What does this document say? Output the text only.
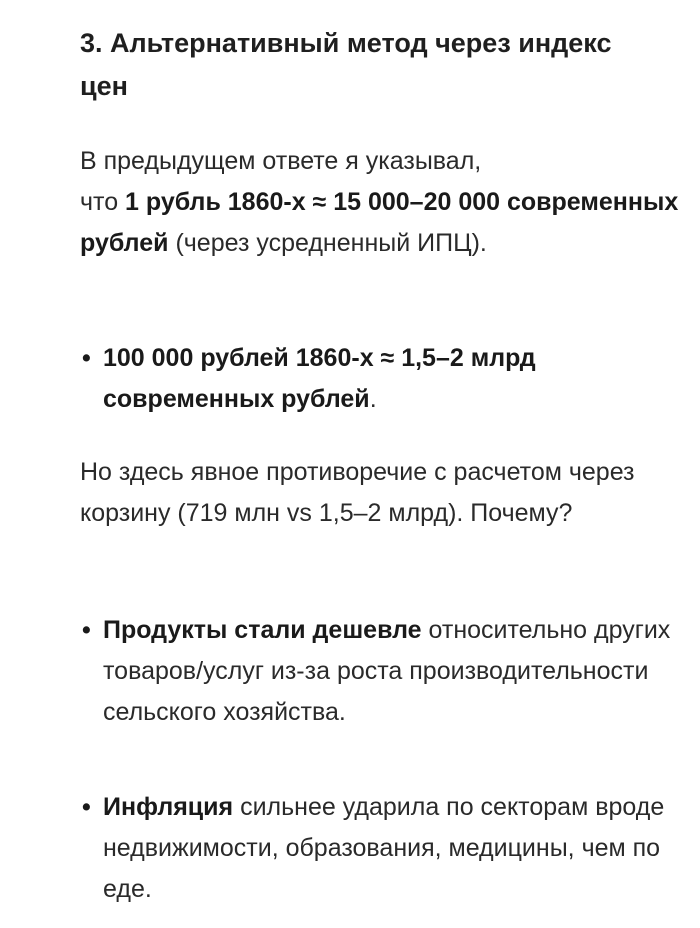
3. Альтернативный метод через индекс цен

В предыдущем ответе я указывал,
что 1 рубль 1860-х ≈ 15 000–20 000 современных рублей (через усредненный ИПЦ).

• 100 000 рублей 1860-х ≈ 1,5–2 млрд современных рублей.

Но здесь явное противоречие с расчетом через корзину (719 млн vs 1,5–2 млрд). Почему?

• Продукты стали дешевле относительно других товаров/услуг из-за роста производительности сельского хозяйства.

• Инфляция сильнее ударила по секторам вроде недвижимости, образования, медицины, чем по еде.
